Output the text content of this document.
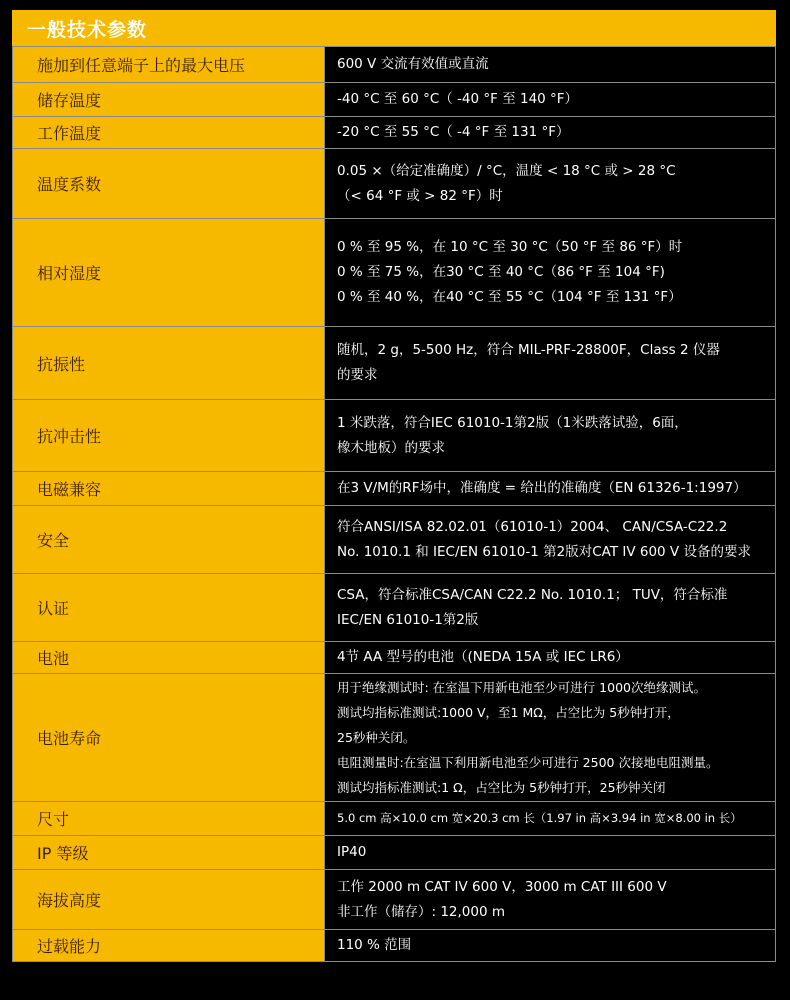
一般技术参数
施加到任意端子上的最大电压	600 V 交流有效值或直流

储存温度	-40 °C 至 60 °C（ -40 °F 至 140 °F）

工作温度	-20 °C 至 55 °C（ -4 °F 至 131 °F）

温度系数	0.05 ×（给定准确度）/ °C，温度 < 18 °C 或 > 28 °C
（< 64 °F 或 > 82 °F）时

相对湿度	0 % 至 95 %，在 10 °C 至 30 °C（50 °F 至 86 °F）时
0 % 至 75 %，在30 °C 至 40 °C（86 °F 至 104 °F)
0 % 至 40 %，在40 °C 至 55 °C（104 °F 至 131 °F）

抗振性	随机，2 g，5-500 Hz，符合 MIL-PRF-28800F，Class 2 仪器
的要求

抗冲击性	1 米跌落，符合IEC 61010-1第2版（1米跌落试验，6面，
橡木地板）的要求

电磁兼容	在3 V/M的RF场中，准确度 = 给出的准确度（EN 61326-1:1997）

安全	符合ANSI/ISA 82.02.01（61010-1）2004、 CAN/CSA-C22.2
No. 1010.1 和 IEC/EN 61010-1 第2版对CAT IV 600 V 设备的要求

认证	CSA，符合标准CSA/CAN C22.2 No. 1010.1； TUV，符合标准
IEC/EN 61010-1第2版

电池	4节 AA 型号的电池（(NEDA 15A 或 IEC LR6）

电池寿命	用于绝缘测试时: 在室温下用新电池至少可进行 1000次绝缘测试。
测试均指标准测试:1000 V，至1 MΩ，占空比为 5秒钟打开，
25秒种关闭。
电阻测量时:在室温下利用新电池至少可进行 2500 次接地电阻测量。
测试均指标准测试:1 Ω，占空比为 5秒钟打开，25秒钟关闭

尺寸	5.0 cm 高×10.0 cm 宽×20.3 cm 长（1.97 in 高×3.94 in 宽×8.00 in 长）

IP 等级	IP40

海拔高度	工作 2000 m CAT IV 600 V，3000 m CAT III 600 V
非工作（储存）: 12,000 m

过载能力	110 % 范围
